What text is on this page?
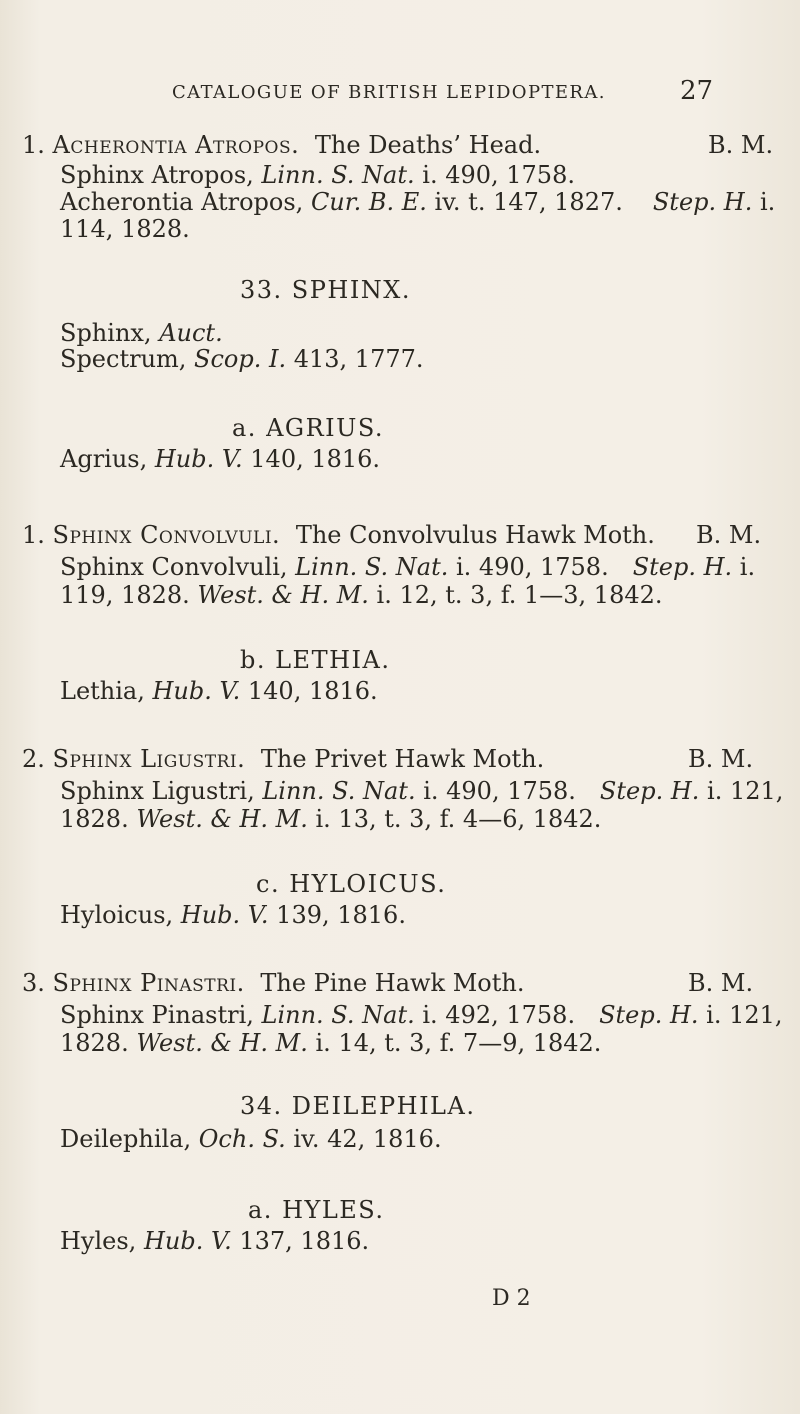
CATALOGUE OF BRITISH LEPIDOPTERA.	27
1. Acherontia Atropos. The Deaths’ Head.	B. M.
Sphinx Atropos, Linn. S. Nat. i. 490, 1758.
Acherontia Atropos, Cur. B. E. iv. t. 147, 1827. Step. H. i.
114, 1828.
33. SPHINX.
Sphinx, Auct.
Spectrum, Scop. I. 413, 1777.
a. AGRIUS.
Agrius, Hub. V. 140, 1816.
1. Sphinx Convolvuli. The Convolvulus Hawk Moth. B. M.
Sphinx Convolvuli, Linn. S. Nat. i. 490, 1758. Step. H. i.
119, 1828. West. & H. M. i. 12, t. 3, f. 1—3, 1842.
b. LETHIA.
Lethia, Hub. V. 140, 1816.
2. Sphinx Ligustri. The Privet Hawk Moth.	B. M.
Sphinx Ligustri, Linn. S. Nat. i. 490, 1758. Step. H. i. 121,
1828. West. & H. M. i. 13, t. 3, f. 4—6, 1842.
c. HYLOICUS.
Hyloicus, Hub. V. 139, 1816.
3. Sphinx Pinastri. The Pine Hawk Moth.	B. M.
Sphinx Pinastri, Linn. S. Nat. i. 492, 1758. Step. H. i. 121,
1828. West. & H. M. i. 14, t. 3, f. 7—9, 1842.
34. DEILEPHILA.
Deilephila, Och. S. iv. 42, 1816.
a. HYLES.
Hyles, Hub. V. 137, 1816.
D 2
